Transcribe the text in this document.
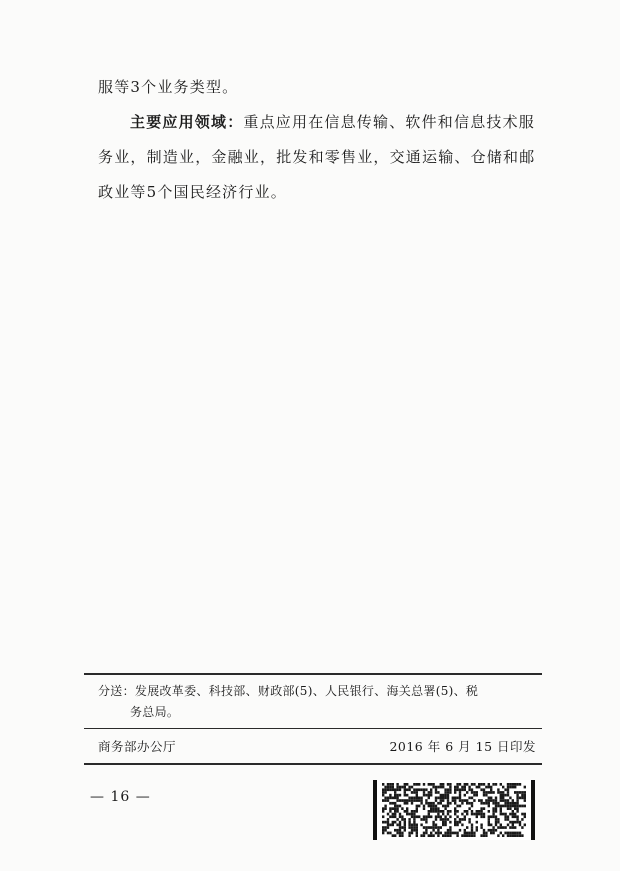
服等3个业务类型。
主要应用领域：重点应用在信息传输、软件和信息技术服务业，制造业，金融业，批发和零售业，交通运输、仓储和邮政业等5个国民经济行业。
分送：发展改革委、科技部、财政部(5)、人民银行、海关总署(5)、税
务总局。
商务部办公厅	2016 年 6 月 15 日印发
— 16 —
